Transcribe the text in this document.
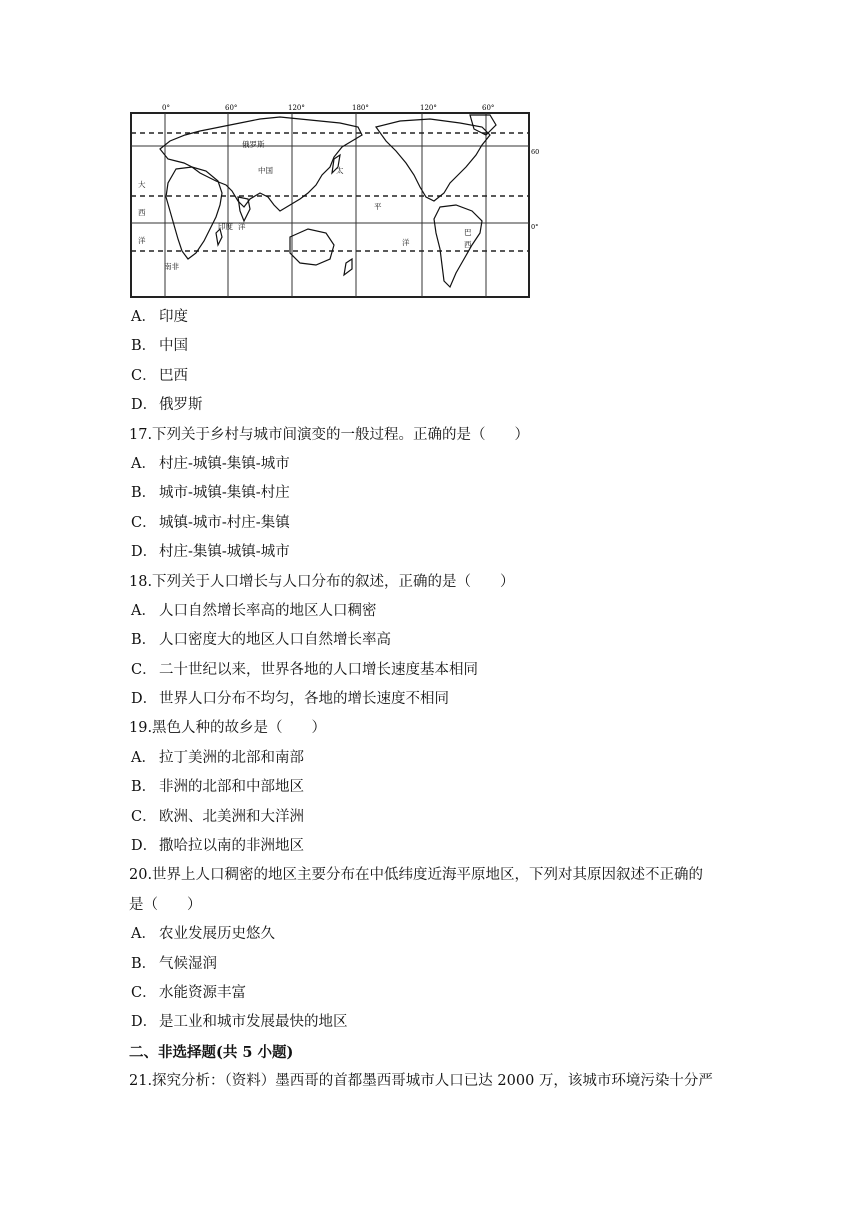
0°	60°	120°	180°	120°	60°
60
0°
俄罗斯
中国
大
西
洋
印度 洋
南非
太
平
洋
巴
西
A． 印度
B． 中国
C． 巴西
D． 俄罗斯
17.下列关于乡村与城市间演变的一般过程。正确的是（　　）
A． 村庄-城镇-集镇-城市
B． 城市-城镇-集镇-村庄
C． 城镇-城市-村庄-集镇
D． 村庄-集镇-城镇-城市
18.下列关于人口增长与人口分布的叙述，正确的是（　　）
A． 人口自然增长率高的地区人口稠密
B． 人口密度大的地区人口自然增长率高
C． 二十世纪以来，世界各地的人口增长速度基本相同
D． 世界人口分布不均匀，各地的增长速度不相同
19.黑色人种的故乡是（　　）
A． 拉丁美洲的北部和南部
B． 非洲的北部和中部地区
C． 欧洲、北美洲和大洋洲
D． 撒哈拉以南的非洲地区
20.世界上人口稠密的地区主要分布在中低纬度近海平原地区，下列对其原因叙述不正确的
是（　　）
A． 农业发展历史悠久
B． 气候湿润
C． 水能资源丰富
D． 是工业和城市发展最快的地区
二、非选择题(共 5 小题)
21.探究分析：（资料）墨西哥的首都墨西哥城市人口已达 2000 万，该城市环境污染十分严
